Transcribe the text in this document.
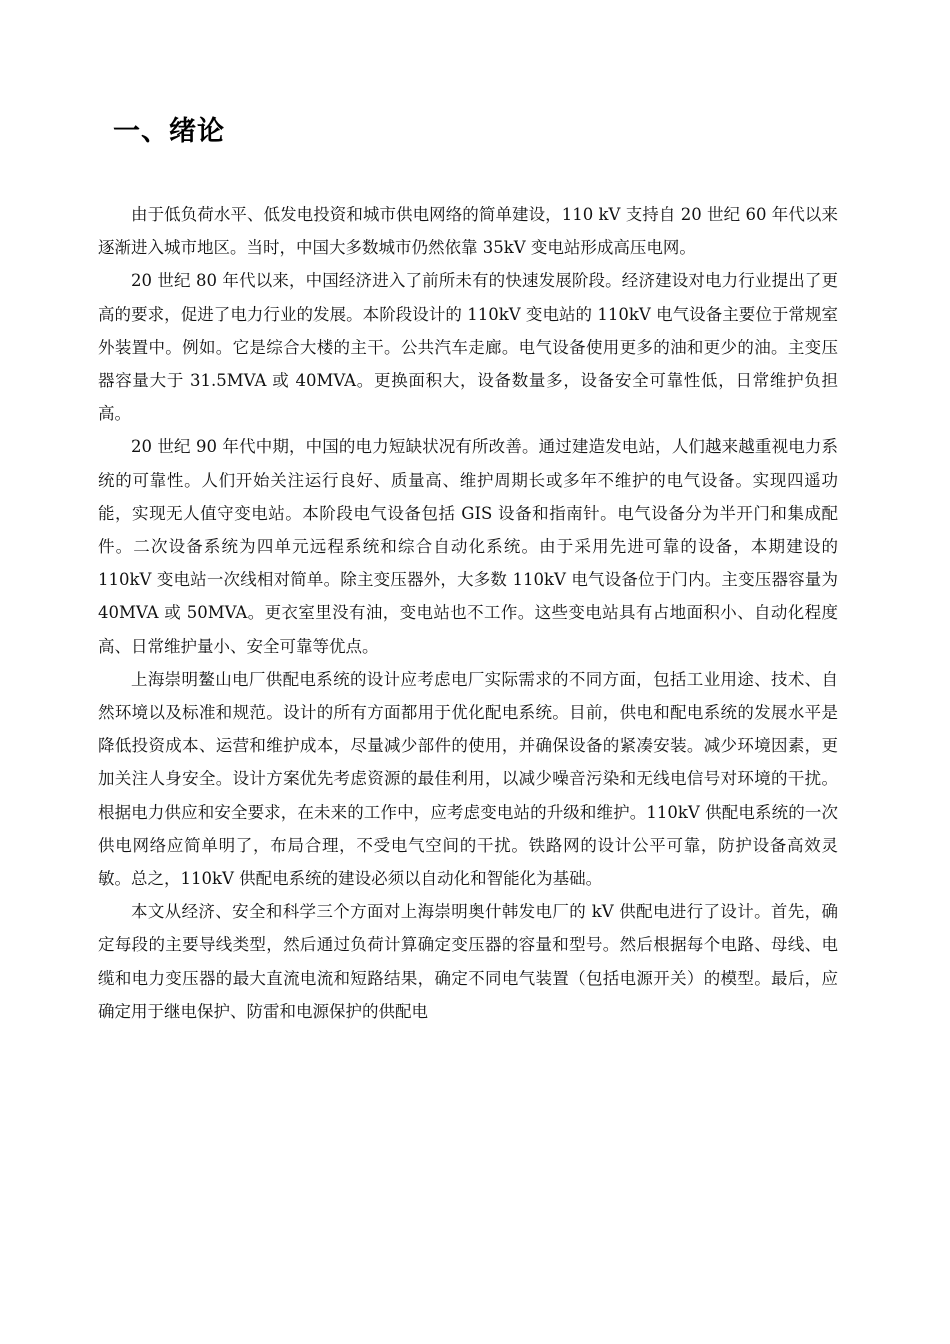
一、绪论

由于低负荷水平、低发电投资和城市供电网络的简单建设，110 kV 支持自 20 世纪 60 年代以来逐渐进入城市地区。当时，中国大多数城市仍然依靠 35kV 变电站形成高压电网。

20 世纪 80 年代以来，中国经济进入了前所未有的快速发展阶段。经济建设对电力行业提出了更高的要求，促进了电力行业的发展。本阶段设计的 110kV 变电站的 110kV 电气设备主要位于常规室外装置中。例如。它是综合大楼的主干。公共汽车走廊。电气设备使用更多的油和更少的油。主变压器容量大于 31.5MVA 或 40MVA。更换面积大，设备数量多，设备安全可靠性低，日常维护负担高。

20 世纪 90 年代中期，中国的电力短缺状况有所改善。通过建造发电站，人们越来越重视电力系统的可靠性。人们开始关注运行良好、质量高、维护周期长或多年不维护的电气设备。实现四遥功能，实现无人值守变电站。本阶段电气设备包括 GIS 设备和指南针。电气设备分为半开门和集成配件。二次设备系统为四单元远程系统和综合自动化系统。由于采用先进可靠的设备，本期建设的 110kV 变电站一次线相对简单。除主变压器外，大多数 110kV 电气设备位于门内。主变压器容量为 40MVA 或 50MVA。更衣室里没有油，变电站也不工作。这些变电站具有占地面积小、自动化程度高、日常维护量小、安全可靠等优点。

上海崇明鳌山电厂供配电系统的设计应考虑电厂实际需求的不同方面，包括工业用途、技术、自然环境以及标准和规范。设计的所有方面都用于优化配电系统。目前，供电和配电系统的发展水平是降低投资成本、运营和维护成本，尽量减少部件的使用，并确保设备的紧凑安装。减少环境因素，更加关注人身安全。设计方案优先考虑资源的最佳利用，以减少噪音污染和无线电信号对环境的干扰。根据电力供应和安全要求，在未来的工作中，应考虑变电站的升级和维护。110kV 供配电系统的一次供电网络应简单明了，布局合理，不受电气空间的干扰。铁路网的设计公平可靠，防护设备高效灵敏。总之，110kV 供配电系统的建设必须以自动化和智能化为基础。

本文从经济、安全和科学三个方面对上海崇明奥什韩发电厂的 kV 供配电进行了设计。首先，确定每段的主要导线类型，然后通过负荷计算确定变压器的容量和型号。然后根据每个电路、母线、电缆和电力变压器的最大直流电流和短路结果，确定不同电气装置（包括电源开关）的模型。最后，应确定用于继电保护、防雷和电源保护的供配电
